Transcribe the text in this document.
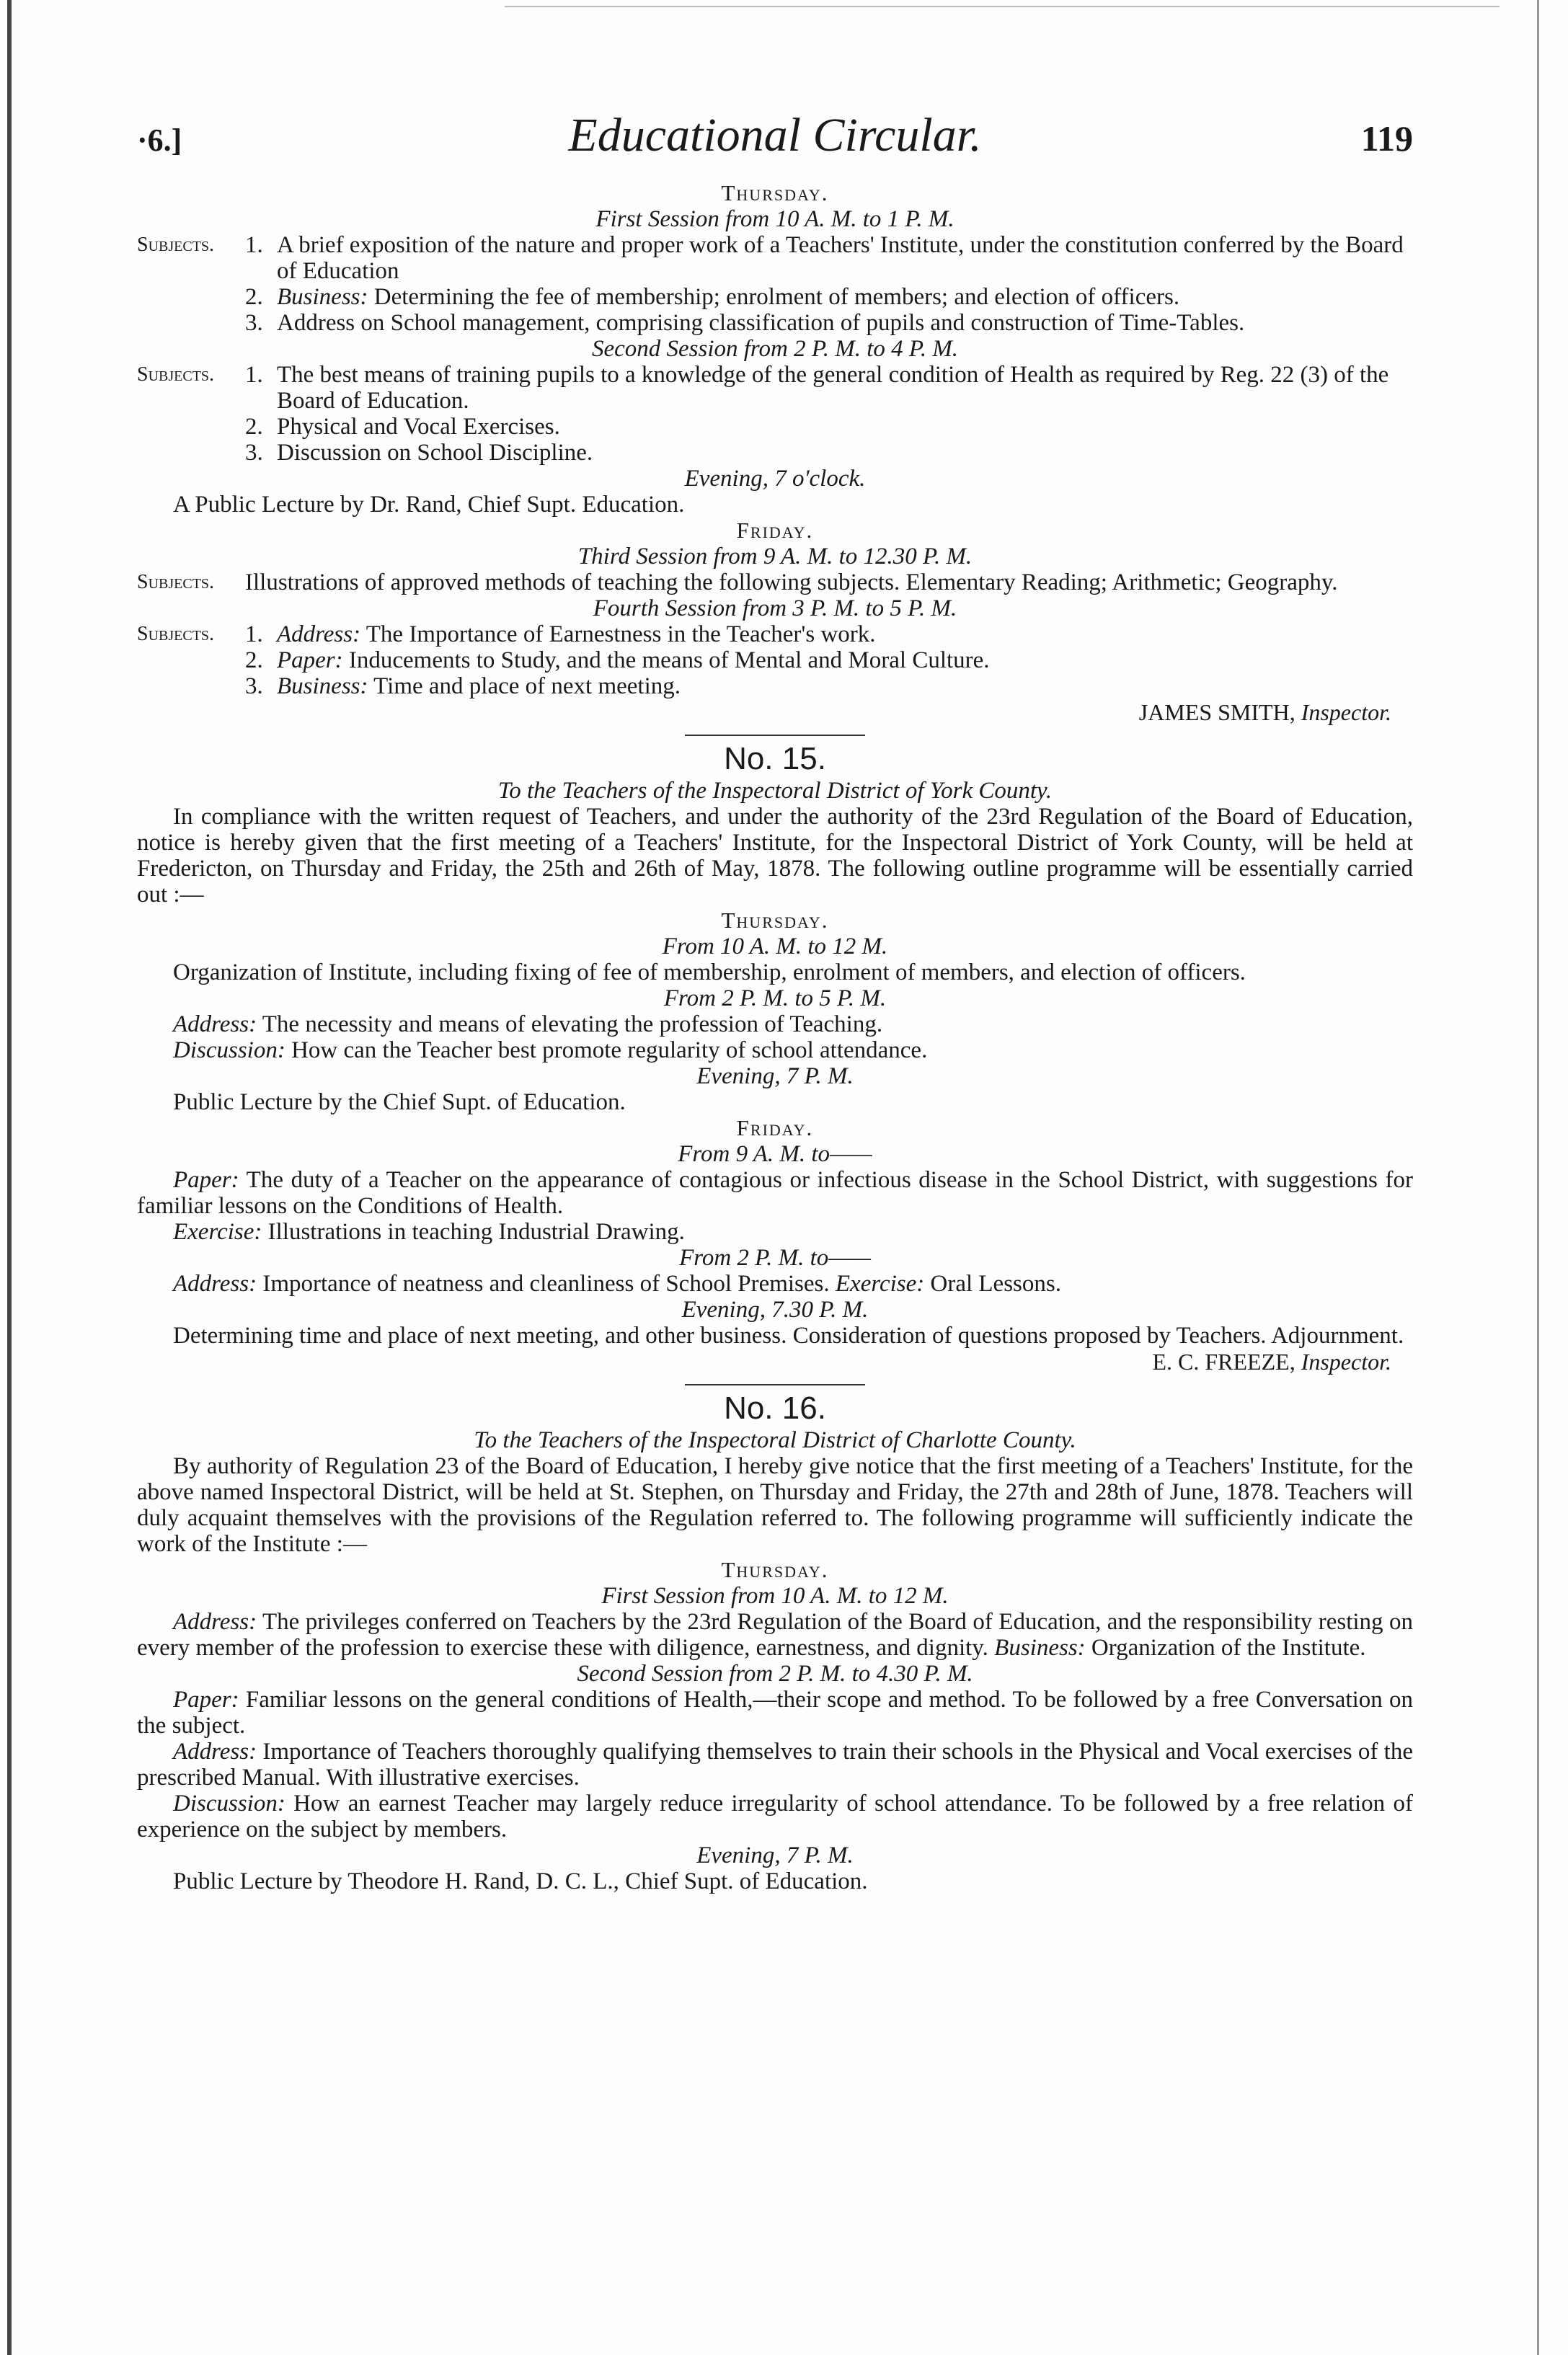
·6.]	Educational Circular.	119
Thursday.
First Session from 10 A. M. to 1 P. M.
Subjects.	1. A brief exposition of the nature and proper work of a Teachers' Institute, under the constitution conferred by the Board of Education
2. Business: Determining the fee of membership; enrolment of members; and election of officers.
3. Address on School management, comprising classification of pupils and construction of Time-Tables.
Second Session from 2 P. M. to 4 P. M.
Subjects.	1. The best means of training pupils to a knowledge of the general condition of Health as required by Reg. 22 (3) of the Board of Education.
2. Physical and Vocal Exercises.
3. Discussion on School Discipline.
Evening, 7 o'clock.
A Public Lecture by Dr. Rand, Chief Supt. Education.
Friday.
Third Session from 9 A. M. to 12.30 P. M.
Subjects.	Illustrations of approved methods of teaching the following subjects. Elementary Reading; Arithmetic; Geography.
Fourth Session from 3 P. M. to 5 P. M.
Subjects.	1. Address: The Importance of Earnestness in the Teacher's work.
2. Paper: Inducements to Study, and the means of Mental and Moral Culture.
3. Business: Time and place of next meeting.
JAMES SMITH, Inspector.
No. 15.
To the Teachers of the Inspectoral District of York County.

In compliance with the written request of Teachers, and under the authority of the 23rd Regulation of the Board of Education, notice is hereby given that the first meeting of a Teachers' Institute, for the Inspectoral District of York County, will be held at Fredericton, on Thursday and Friday, the 25th and 26th of May, 1878. The following outline programme will be essentially carried out :—

Thursday.
From 10 A. M. to 12 M.

Organization of Institute, including fixing of fee of membership, enrolment of members, and election of officers.

From 2 P. M. to 5 P. M.

Address: The necessity and means of elevating the profession of Teaching.

Discussion: How can the Teacher best promote regularity of school attendance.

Evening, 7 P. M.

Public Lecture by the Chief Supt. of Education.

Friday.
From 9 A. M. to——

Paper: The duty of a Teacher on the appearance of contagious or infectious disease in the School District, with suggestions for familiar lessons on the Conditions of Health.

Exercise: Illustrations in teaching Industrial Drawing.

From 2 P. M. to——

Address: Importance of neatness and cleanliness of School Premises. Exercise: Oral Lessons.

Evening, 7.30 P. M.

Determining time and place of next meeting, and other business. Consideration of questions proposed by Teachers. Adjournment.

E. C. FREEZE, Inspector.
No. 16.
To the Teachers of the Inspectoral District of Charlotte County.

By authority of Regulation 23 of the Board of Education, I hereby give notice that the first meeting of a Teachers' Institute, for the above named Inspectoral District, will be held at St. Stephen, on Thursday and Friday, the 27th and 28th of June, 1878. Teachers will duly acquaint themselves with the provisions of the Regulation referred to. The following programme will sufficiently indicate the work of the Institute :—

Thursday.
First Session from 10 A. M. to 12 M.

Address: The privileges conferred on Teachers by the 23rd Regulation of the Board of Education, and the responsibility resting on every member of the profession to exercise these with diligence, earnestness, and dignity. Business: Organization of the Institute.

Second Session from 2 P. M. to 4.30 P. M.

Paper: Familiar lessons on the general conditions of Health,—their scope and method. To be followed by a free Conversation on the subject.

Address: Importance of Teachers thoroughly qualifying themselves to train their schools in the Physical and Vocal exercises of the prescribed Manual. With illustrative exercises.

Discussion: How an earnest Teacher may largely reduce irregularity of school attendance. To be followed by a free relation of experience on the subject by members.

Evening, 7 P. M.

Public Lecture by Theodore H. Rand, D. C. L., Chief Supt. of Education.
